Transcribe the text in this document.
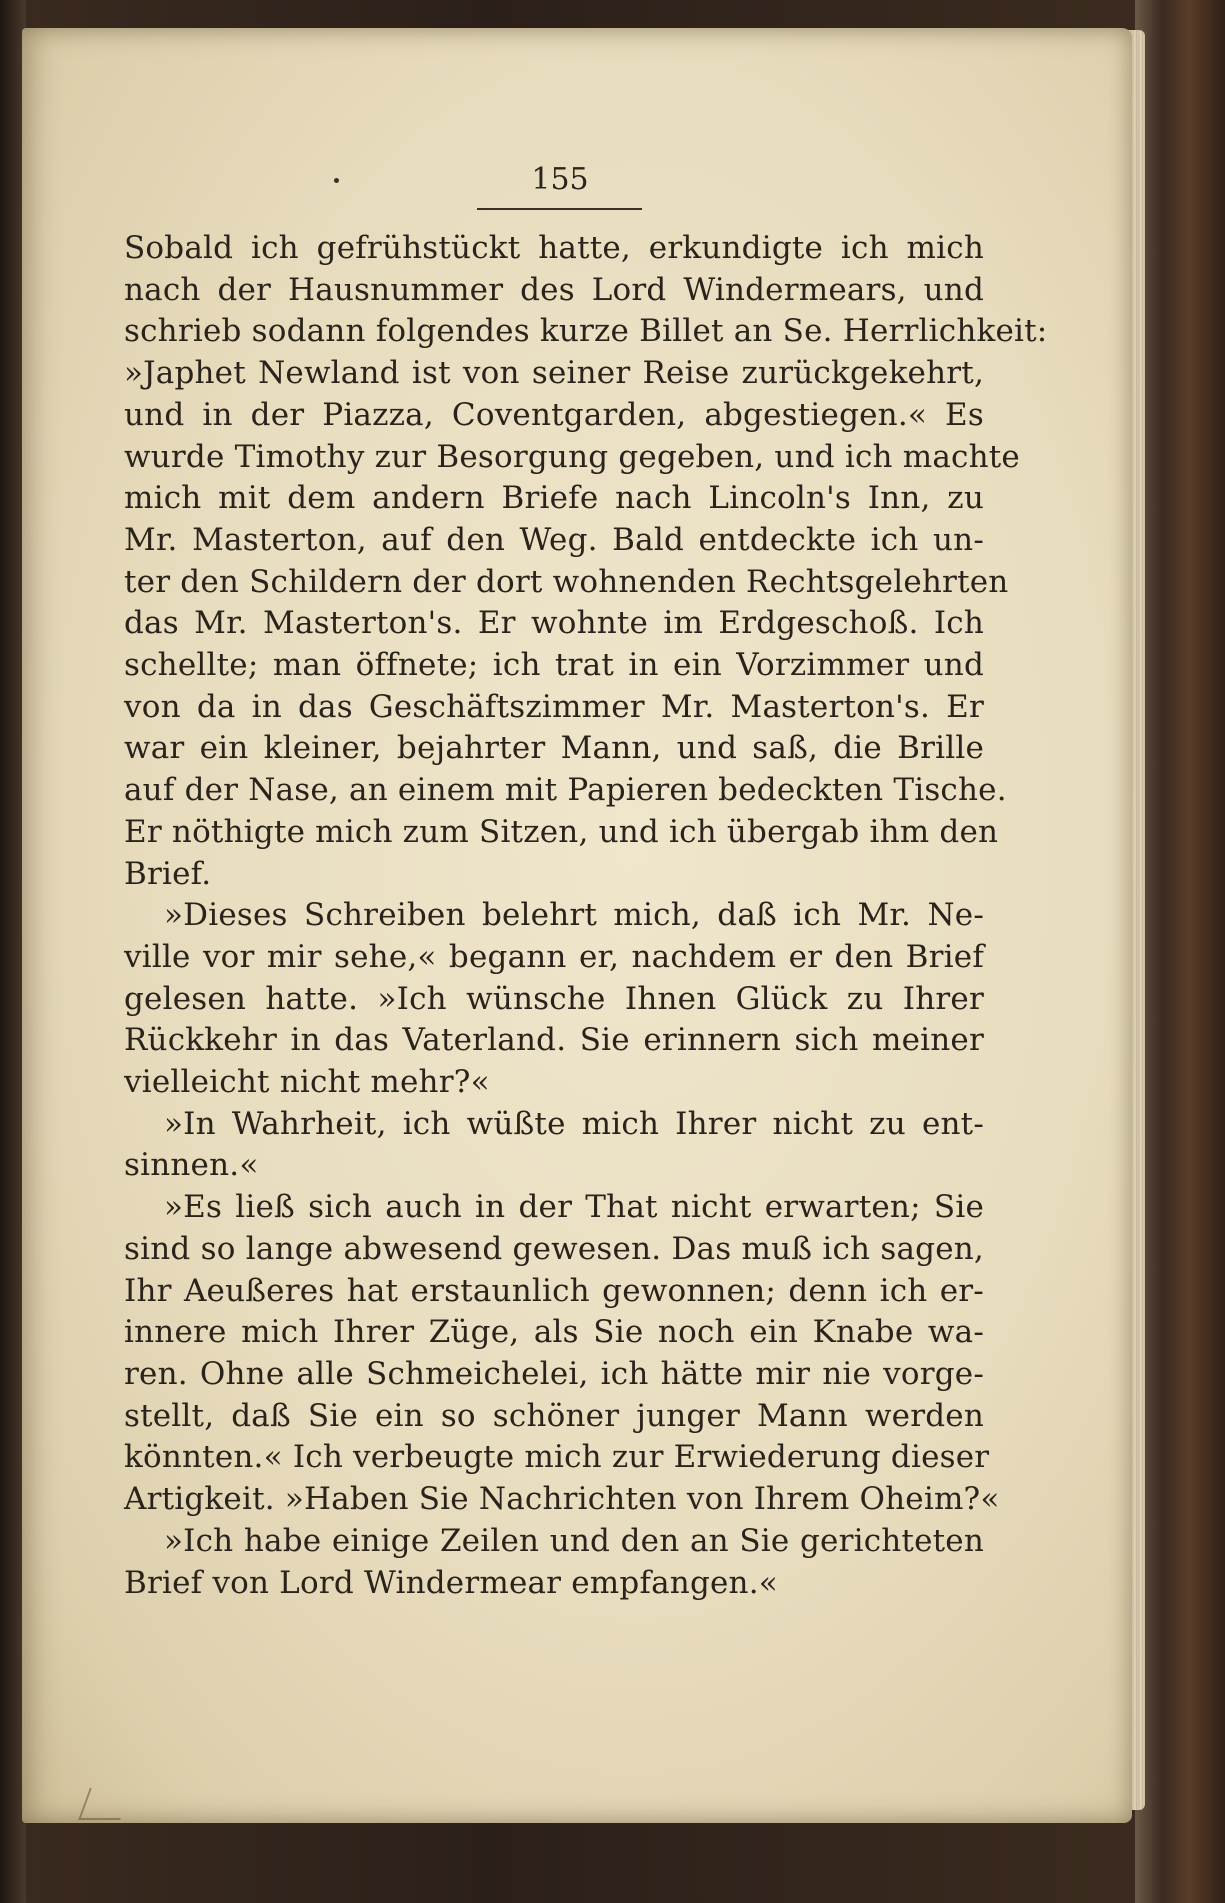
155
Sobald ich gefrühstückt hatte, erkundigte ich mich
nach der Hausnummer des Lord Windermears, und
schrieb sodann folgendes kurze Billet an Se. Herrlichkeit:
»Japhet Newland ist von seiner Reise zurückgekehrt,
und in der Piazza, Coventgarden, abgestiegen.« Es
wurde Timothy zur Besorgung gegeben, und ich machte
mich mit dem andern Briefe nach Lincoln's Inn, zu
Mr. Masterton, auf den Weg. Bald entdeckte ich un-
ter den Schildern der dort wohnenden Rechtsgelehrten
das Mr. Masterton's. Er wohnte im Erdgeschoß. Ich
schellte; man öffnete; ich trat in ein Vorzimmer und
von da in das Geschäftszimmer Mr. Masterton's. Er
war ein kleiner, bejahrter Mann, und saß, die Brille
auf der Nase, an einem mit Papieren bedeckten Tische.
Er nöthigte mich zum Sitzen, und ich übergab ihm den
Brief.
»Dieses Schreiben belehrt mich, daß ich Mr. Ne-
ville vor mir sehe,« begann er, nachdem er den Brief
gelesen hatte. »Ich wünsche Ihnen Glück zu Ihrer
Rückkehr in das Vaterland. Sie erinnern sich meiner
vielleicht nicht mehr?«
»In Wahrheit, ich wüßte mich Ihrer nicht zu ent-
sinnen.«
»Es ließ sich auch in der That nicht erwarten; Sie
sind so lange abwesend gewesen. Das muß ich sagen,
Ihr Aeußeres hat erstaunlich gewonnen; denn ich er-
innere mich Ihrer Züge, als Sie noch ein Knabe wa-
ren. Ohne alle Schmeichelei, ich hätte mir nie vorge-
stellt, daß Sie ein so schöner junger Mann werden
könnten.« Ich verbeugte mich zur Erwiederung dieser
Artigkeit. »Haben Sie Nachrichten von Ihrem Oheim?«
»Ich habe einige Zeilen und den an Sie gerichteten
Brief von Lord Windermear empfangen.«
